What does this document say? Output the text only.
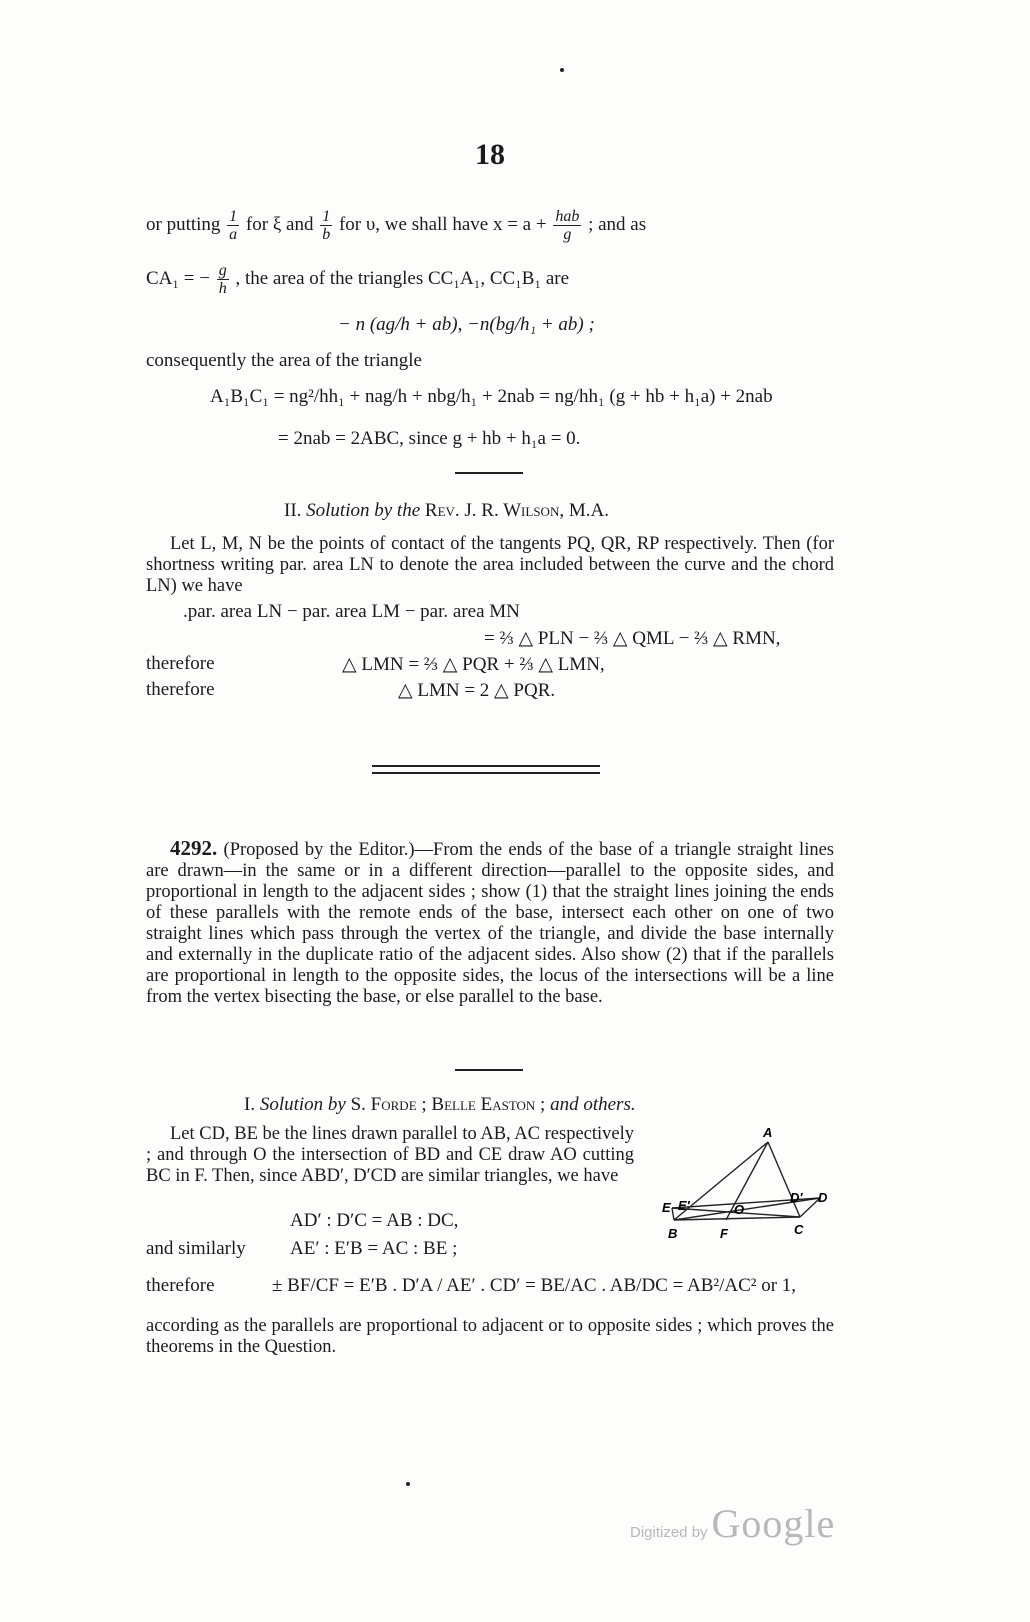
18
or putting $\frac{1}{a}$ for ξ and $\frac{1}{b}$ for υ, we shall have $x = a + \frac{\text{hab}}{g}$ ; and as
CA₁ = − $\frac{g}{h}$ , the area of the triangles CC₁A₁, CC₁B₁ are
− n (ag/h + ab), −n(bg/h₁ + ab) ;
consequently the area of the triangle
A₁B₁C₁ = ng²/hh₁ + nag/h + nbg/h₁ + 2nab = ng/hh₁ (g + hb + h₁a) + 2nab
= 2nab = 2ABC, since g + hb + h₁a = 0.
II. Solution by the Rev. J. R. Wilson, M.A.
Let L, M, N be the points of contact of the tangents PQ, QR, RP respectively. Then (for shortness writing par. area LN to denote the area included between the curve and the chord LN) we have
.par. area LN − par. area LM − par. area MN
= ⅔ △ PLN − ⅔ △ QML − ⅔ △ RMN,
therefore	△ LMN = ⅔ △ PQR + ⅔ △ LMN,
therefore	△ LMN = 2 △ PQR.
4292. (Proposed by the Editor.)—From the ends of the base of a triangle straight lines are drawn—in the same or in a different direction—parallel to the opposite sides, and proportional in length to the adjacent sides ; show (1) that the straight lines joining the ends of these parallels with the remote ends of the base, intersect each other on one of two straight lines which pass through the vertex of the triangle, and divide the base internally and externally in the duplicate ratio of the adjacent sides. Also show (2) that if the parallels are proportional in length to the opposite sides, the locus of the intersections will be a line from the vertex bisecting the base, or else parallel to the base.
I. Solution by S. Forde ; Belle Easton ; and others.
Let CD, BE be the lines drawn parallel to AB, AC respectively ; and through O the intersection of BD and CE draw AO cutting BC in F. Then, since ABD′, D′CD are similar triangles, we have
AD′ : D′C = AB : DC,
and similarly AE′ : E′B = AC : BE ;
therefore	± BF/CF = E′B . D′A / AE′ . CD′ = BE/AC . AB/DC = AB²/AC² or 1,
according as the parallels are proportional to adjacent or to opposite sides ; which proves the theorems in the Question.
A
E E′	O
D′ D
B	F	C
Digitized by Google
